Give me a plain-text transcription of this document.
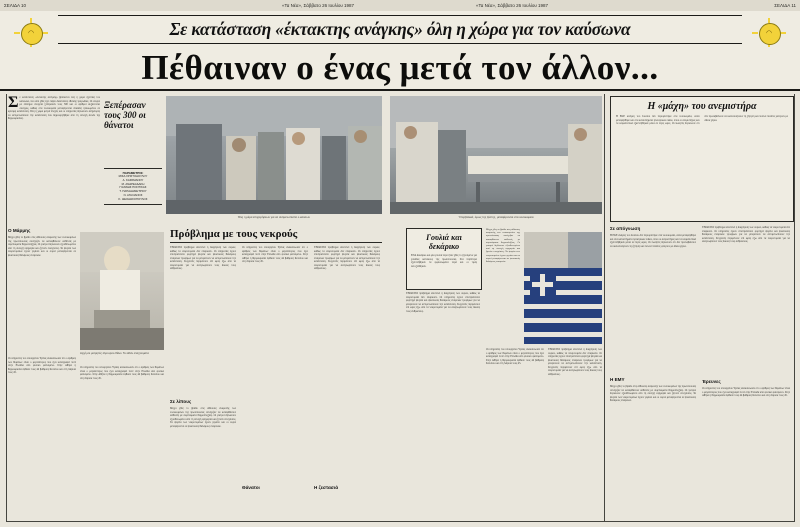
ΣΕΛΙΔΑ 10	«Τα Νέα», Σάββατο 26 Ιουλίου 1987	«Τα Νέα», Σάββατο 26 Ιουλίου 1987	ΣΕΛΙΔΑ 11
◠	Σε κατάσταση «έκτακτης ανάγκης» όλη η χώρα για τον καύσωνα	◠
Πέθαιναν ο ένας μετά τον άλλον...
Σ ε κατάσταση «έκτακτης ανάγκης» βρίσκεται όλη η χώρα εξαιτίας του καύσωνα, που από χθες έχει πάρει διαστάσεις εθνικής τραγωδίας. Οι νεκροί με επίσημα στοιχεία ξεπέρασαν τους 300 και οι αριθμοί αυξάνονται συνεχώς, καθώς στα νοσοκομεία μεταφέρονται δεκάδες ηλικιωμένοι σε κρίσιμη κατάσταση. Όλη η χώρα μετρά πληγές και οι υπηρεσίες δηλώνουν ανήμπορες να αντιμετωπίσουν την κατάσταση που δημιουργήθηκε από τη συνεχή άνοδο της θερμοκρασίας.
Ξεπέρασαν τους 300 οι θάνατοι
ΠΑΡΑΜΕΤΡΟΙ:
ΜΙΚΑ ΧΡΙΣΤΟΔΟΥΛΟΥ
Α. ΚΑΡΑΜΑΝΟΥ
Μ. ΑΝΔΡΕΑΔΑΚΗ
ΓΙΑΝΝΗΣ ΠΟΝΤΙΚΑΣ
Τ. ΠΑΠΑΔΗΜΗΤΡΙΟΥ
Ν. ΑΓΑΛΙΑΝΟΣ
Κ. ΘΕΟΔΩΣΟΠΟΥΛΟΣ
Όλη η μέρα επιχειρήσεων για να αντιμετωπιστεί ο καύσων	Υπερβολικά, όμως της ζέστης, μεταφέρονται στα νοσοκομεία
Η «μάχη» του ανεμιστήρα
Η ΕΚΕ ανάγκη του Ιουλίου δεν περιορίστηκε στα νοσοκομεία, αλλά μεταφέρθηκε και στα καταστήματα ηλεκτρικών ειδών, όπου οι ανεμιστήρες και τα κλιματιστικά εξαντλήθηκαν μέσα σε λίγες ώρες. Οι πωλητές δηλώνουν ότι δεν προλαβαίνουν να ικανοποιήσουν τη ζήτηση και πολλοί πελάτες φεύγουν με άδεια χέρια.
Αρχή σε μετρητές λίγα κρύο θέλει. Το είδαν σταχτώματα
Ο Μάρμης
Μέχρι χθες το βράδυ στις αίθουσες αναμονής των νοσοκομείων της πρωτεύουσας συνέχιζαν να καταφθάνουν ασθενείς με συμπτώματα θερμοπληξίας. Οι γιατροί δηλώνουν εξουθενωμένοι από τη συνεχή εφημερία και ζητούν ενισχύσεις. Τα ψυγεία των νεκροτομείων έχουν γεμίσει και οι σοροί μεταφέρονται σε ψυκτικούς θαλάμους εταιρειών.
Οι υπηρεσίες του υπουργείου Υγείας ανακοίνωσαν ότι ο αριθμός των θυμάτων είναι ο μεγαλύτερος που έχει καταγραφεί ποτέ στην Ελλάδα από φυσικό φαινόμενο. Στην Αθήνα η θερμοκρασία έφθασε τους 44 βαθμούς Κελσίου και στη Λάρισα τους 45.
Οι υπηρεσίες του υπουργείου Υγείας ανακοίνωσαν ότι ο αριθμός των θυμάτων είναι ο μεγαλύτερος που έχει καταγραφεί ποτέ στην Ελλάδα από φυσικό φαινόμενο. Στην Αθήνα η θερμοκρασία έφθασε τους 44 βαθμούς Κελσίου και στη Λάρισα τους 45.
Πρόβλημα με τους νεκρούς
ΤΕΡΑΣΤΙΟ πρόβλημα αποτελεί η διαχείριση των σορών, καθώς τα νεκροτομεία δεν επαρκούν. Οι υπηρεσίες έχουν επιστρατεύσει φορτηγά ψυγεία και ψυκτικούς θαλάμους εταιρειών τροφίμων για να μπορέσουν να αντιμετωπίσουν την κατάσταση. Συγγενείς περιμένουν επί ώρες έξω από τα νεκροτομεία για να αναγνωρίσουν τους δικούς τους ανθρώπους.
Σε λίπους
Μέχρι χθες το βράδυ στις αίθουσες αναμονής των νοσοκομείων της πρωτεύουσας συνέχιζαν να καταφθάνουν ασθενείς με συμπτώματα θερμοπληξίας. Οι γιατροί δηλώνουν εξουθενωμένοι από τη συνεχή εφημερία και ζητούν ενισχύσεις. Τα ψυγεία των νεκροτομείων έχουν γεμίσει και οι σοροί μεταφέρονται σε ψυκτικούς θαλάμους εταιρειών.
Οι υπηρεσίες του υπουργείου Υγείας ανακοίνωσαν ότι ο αριθμός των θυμάτων είναι ο μεγαλύτερος που έχει καταγραφεί ποτέ στην Ελλάδα από φυσικό φαινόμενο. Στην Αθήνα η θερμοκρασία έφθασε τους 44 βαθμούς Κελσίου και στη Λάρισα τους 45.
Θάνατοι
ΤΕΡΑΣΤΙΟ πρόβλημα αποτελεί η διαχείριση των σορών, καθώς τα νεκροτομεία δεν επαρκούν. Οι υπηρεσίες έχουν επιστρατεύσει φορτηγά ψυγεία και ψυκτικούς θαλάμους εταιρειών τροφίμων για να μπορέσουν να αντιμετωπίσουν την κατάσταση. Συγγενείς περιμένουν επί ώρες έξω από τα νεκροτομεία για να αναγνωρίσουν τους δικούς τους ανθρώπους.
Η ζεστασιά
Γουλιά και δεκάρικο
ΕΝΑ δεκάρικο και μία γουλιά νερό ήταν χθες το ζητούμενο για χιλιάδες κατοίκους της πρωτεύουσας. Στα περίπτερα εξαντλήθηκαν τα εμφιαλωμένα νερά και οι τιμές εκτοξεύθηκαν.
ΤΕΡΑΣΤΙΟ πρόβλημα αποτελεί η διαχείριση των σορών, καθώς τα νεκροτομεία δεν επαρκούν. Οι υπηρεσίες έχουν επιστρατεύσει φορτηγά ψυγεία και ψυκτικούς θαλάμους εταιρειών τροφίμων για να μπορέσουν να αντιμετωπίσουν την κατάσταση. Συγγενείς περιμένουν επί ώρες έξω από τα νεκροτομεία για να αναγνωρίσουν τους δικούς τους ανθρώπους.
Μέχρι χθες το βράδυ στις αίθουσες αναμονής των νοσοκομείων της πρωτεύουσας συνέχιζαν να καταφθάνουν ασθενείς με συμπτώματα θερμοπληξίας. Οι γιατροί δηλώνουν εξουθενωμένοι από τη συνεχή εφημερία και ζητούν ενισχύσεις. Τα ψυγεία των νεκροτομείων έχουν γεμίσει και οι σοροί μεταφέρονται σε ψυκτικούς θαλάμους εταιρειών.
Οι υπηρεσίες του υπουργείου Υγείας ανακοίνωσαν ότι ο αριθμός των θυμάτων είναι ο μεγαλύτερος που έχει καταγραφεί ποτέ στην Ελλάδα από φυσικό φαινόμενο. Στην Αθήνα η θερμοκρασία έφθασε τους 44 βαθμούς Κελσίου και στη Λάρισα τους 45.
ΤΕΡΑΣΤΙΟ πρόβλημα αποτελεί η διαχείριση των σορών, καθώς τα νεκροτομεία δεν επαρκούν. Οι υπηρεσίες έχουν επιστρατεύσει φορτηγά ψυγεία και ψυκτικούς θαλάμους εταιρειών τροφίμων για να μπορέσουν να αντιμετωπίσουν την κατάσταση. Συγγενείς περιμένουν επί ώρες έξω από τα νεκροτομεία για να αναγνωρίσουν τους δικούς τους ανθρώπους.
Σε απόγνωση
Η ΕΚΕ ανάγκη του Ιουλίου δεν περιορίστηκε στα νοσοκομεία, αλλά μεταφέρθηκε και στα καταστήματα ηλεκτρικών ειδών, όπου οι ανεμιστήρες και τα κλιματιστικά εξαντλήθηκαν μέσα σε λίγες ώρες. Οι πωλητές δηλώνουν ότι δεν προλαβαίνουν να ικανοποιήσουν τη ζήτηση και πολλοί πελάτες φεύγουν με άδεια χέρια.
Η ΕΜΥ
Μέχρι χθες το βράδυ στις αίθουσες αναμονής των νοσοκομείων της πρωτεύουσας συνέχιζαν να καταφθάνουν ασθενείς με συμπτώματα θερμοπληξίας. Οι γιατροί δηλώνουν εξουθενωμένοι από τη συνεχή εφημερία και ζητούν ενισχύσεις. Τα ψυγεία των νεκροτομείων έχουν γεμίσει και οι σοροί μεταφέρονται σε ψυκτικούς θαλάμους εταιρειών.
ΤΕΡΑΣΤΙΟ πρόβλημα αποτελεί η διαχείριση των σορών, καθώς τα νεκροτομεία δεν επαρκούν. Οι υπηρεσίες έχουν επιστρατεύσει φορτηγά ψυγεία και ψυκτικούς θαλάμους εταιρειών τροφίμων για να μπορέσουν να αντιμετωπίσουν την κατάσταση. Συγγενείς περιμένουν επί ώρες έξω από τα νεκροτομεία για να αναγνωρίσουν τους δικούς τους ανθρώπους.
Έρευνες
Οι υπηρεσίες του υπουργείου Υγείας ανακοίνωσαν ότι ο αριθμός των θυμάτων είναι ο μεγαλύτερος που έχει καταγραφεί ποτέ στην Ελλάδα από φυσικό φαινόμενο. Στην Αθήνα η θερμοκρασία έφθασε τους 44 βαθμούς Κελσίου και στη Λάρισα τους 45.
